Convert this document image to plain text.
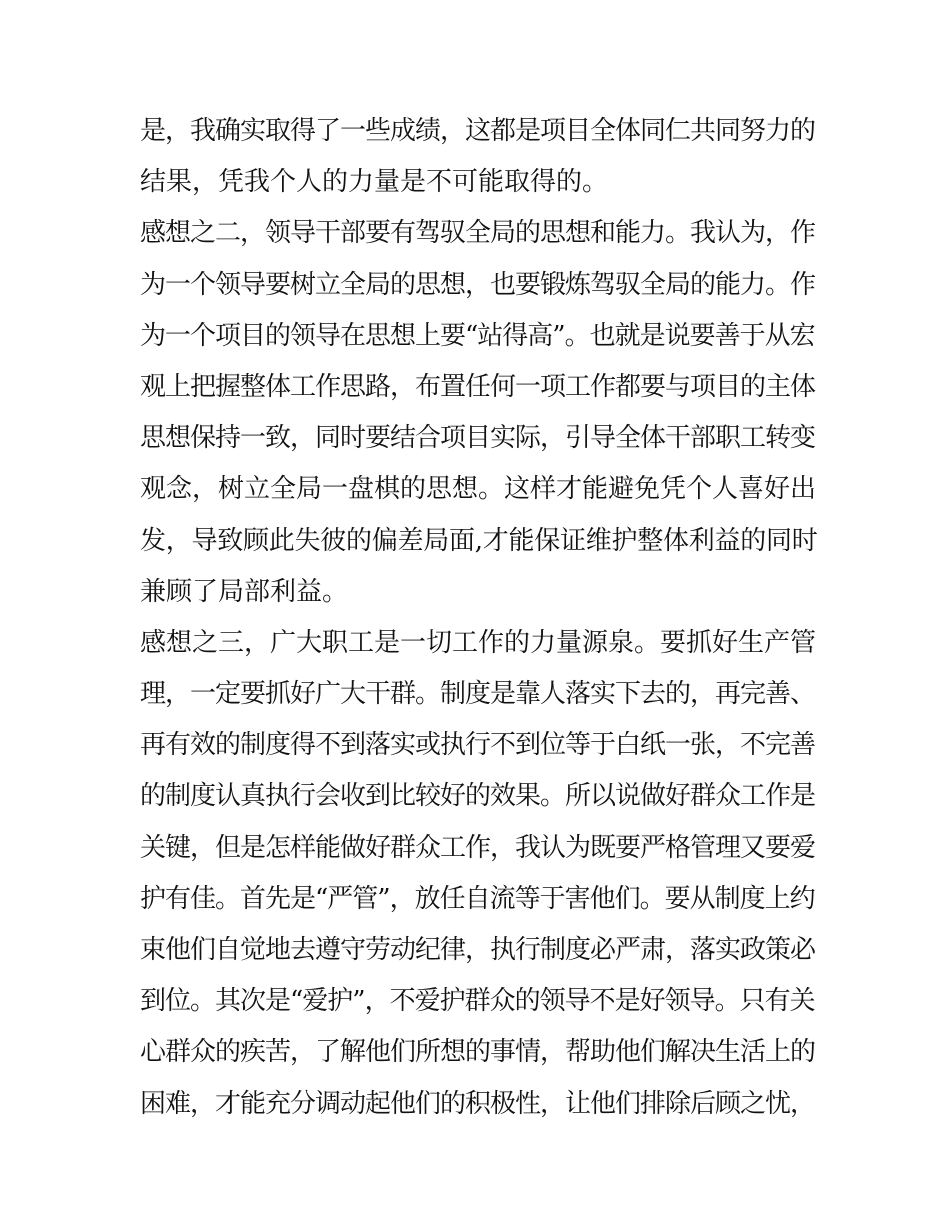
是，我确实取得了一些成绩，这都是项目全体同仁共同努力的
结果，凭我个人的力量是不可能取得的。
感想之二，领导干部要有驾驭全局的思想和能力。我认为，作
为一个领导要树立全局的思想，也要锻炼驾驭全局的能力。作
为一个项目的领导在思想上要“站得高”。也就是说要善于从宏
观上把握整体工作思路，布置任何一项工作都要与项目的主体
思想保持一致，同时要结合项目实际，引导全体干部职工转变
观念，树立全局一盘棋的思想。这样才能避免凭个人喜好出
发，导致顾此失彼的偏差局面,才能保证维护整体利益的同时
兼顾了局部利益。
感想之三，广大职工是一切工作的力量源泉。要抓好生产管
理，一定要抓好广大干群。制度是靠人落实下去的，再完善、
再有效的制度得不到落实或执行不到位等于白纸一张，不完善
的制度认真执行会收到比较好的效果。所以说做好群众工作是
关键，但是怎样能做好群众工作，我认为既要严格管理又要爱
护有佳。首先是“严管”，放任自流等于害他们。要从制度上约
束他们自觉地去遵守劳动纪律，执行制度必严肃，落实政策必
到位。其次是“爱护”，不爱护群众的领导不是好领导。只有关
心群众的疾苦，了解他们所想的事情，帮助他们解决生活上的
困难，才能充分调动起他们的积极性，让他们排除后顾之忧，
